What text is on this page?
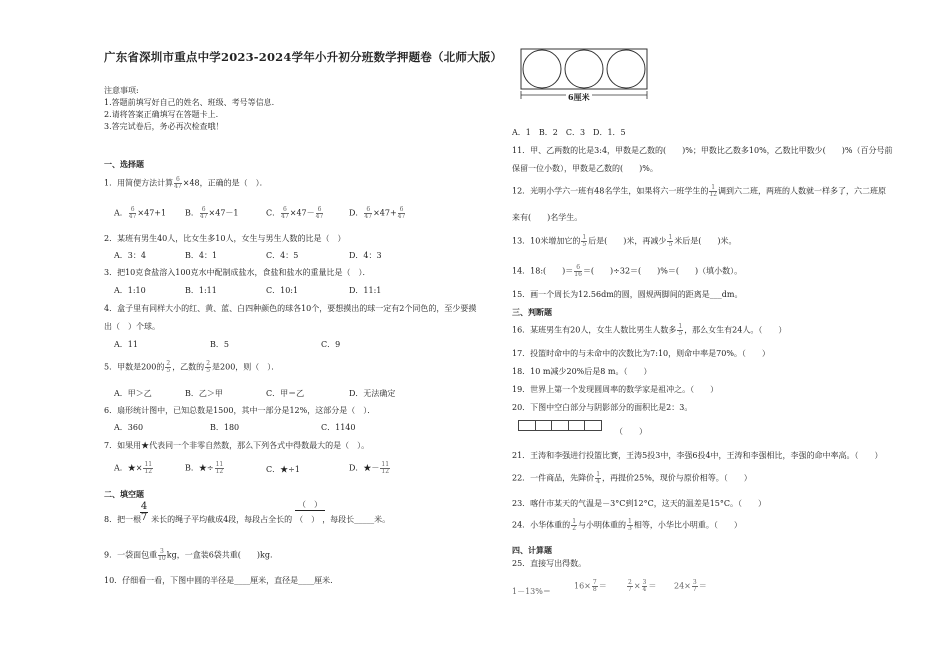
广东省深圳市重点中学2023-2024学年小升初分班数学押题卷（北师大版）
注意事项:
1.答题前填写好自己的姓名、班级、考号等信息.
2.请将答案正确填写在答题卡上.
3.答完试卷后，务必再次检查哦！
一、选择题
1．用简便方法计算 $\frac{6}{47} \times 48$，正确的是（　）．
A． $\frac{6}{47} \times 47+1$ B． $\frac{6}{47} \times 47-1$	C． $\frac{6}{47} \times 47- \frac{6}{47}$	D． $\frac{6}{47} \times 47+ \frac{6}{47}$
2．某班有男生40人，比女生多10人，女生与男生人数的比是（　）
A．3：4	B．4：1	C．4：5	D．4：3
3．把10克食盐溶入100克水中配制成盐水，食盐和盐水的重量比是（　）．
A．1:10	B．1:11	C．10:1	D．11:1
4．盒子里有同样大小的红、黄、蓝、白四种颜色的球各10个，要想摸出的球一定有2个同色的，至少要摸
出（　）个球。
A．11	B．5	C．9
5．甲数是200的 $\frac{2}{5}$ ，乙数的 $\frac{2}{5}$ 是200，则（　）．
A．甲＞乙	B．乙＞甲	C．甲＝乙	D．无法确定
6．扇形统计图中，已知总数是1500，其中一部分是12%，这部分是（　）．
A．360	B．180	C．1140
7．如果用★代表同一个非零自然数，那么下列各式中得数最大的是（　）。
A．★× $\frac{11}{12}$	B．★÷ $\frac{11}{12}$	C．★÷1	D．★－ $\frac{11}{12}$
二、填空题
$\frac{4}{7}$	（　）
8．把一根 米长的绳子平均截成4段，每段占全长的 （　） ，每段长_____米。
9．一袋面包重 $\frac{3}{10}$ kg，一盒装6袋共重(　　)kg.
10．仔细看一看，下图中圆的半径是____厘米，直径是____厘米.
6厘米
A．1　B．2　C．3　D．1．5
11．甲、乙两数的比是3:4，甲数是乙数的(　　)%；甲数比乙数多10%，乙数比甲数少(　　)%（百分号前
保留一位小数），甲数是乙数的(　　)%。
12．光明小学六一班有48名学生，如果将六一班学生的 $\frac{1}{12}$ 调到六二班，两班的人数就一样多了，六二班原
来有(　　)名学生。
13．10米增加它的 $\frac{1}{5}$ 后是(　　)米，再减少 $\frac{1}{5}$ 米后是(　　)米。
14．18:(　　)＝ $\frac{6}{16}$ ＝(　　)÷32＝(　　)%＝(　　)（填小数）。
15．画一个周长为12.56dm的圆，圆规两脚间的距离是___dm。
三、判断题
16．某班男生有20人，女生人数比男生人数多 $\frac{1}{5}$ ，那么女生有24人。（　　）
17．投篮时命中的与未命中的次数比为7:10，则命中率是70%。（　　）
18．10 m减少20%后是8 m。（　　）
19．世界上第一个发现圆周率的数学家是祖冲之。（　　）
20．下图中空白部分与阴影部分的面积比是2：3。
（　　）
21．王涛和李强进行投篮比赛，王涛5投3中，李强6投4中，王涛和李强相比，李强的命中率高。（　　）
22．一件商品，先降价 $\frac{1}{4}$ ，再提价25%，现价与原价相等。（　　）
23．喀什市某天的气温是－3°C到12°C，这天的温差是15°C。（　　）
24．小华体重的 $\frac{1}{2}$ 与小明体重的 $\frac{1}{3}$ 相等，小华比小明重。（　　）
四、计算题
25．直接写出得数。
1－13%＝
$16\times \frac{7}{8}$ ＝	$\frac{2}{7} \times \frac{3}{4} = 24\times \frac{3}{7}$ ＝
